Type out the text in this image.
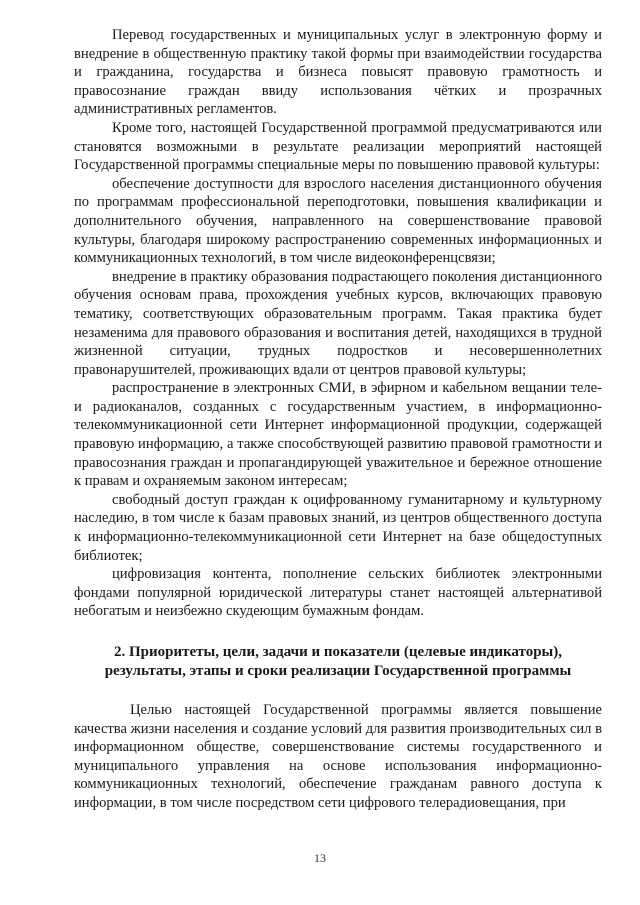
Перевод государственных и муниципальных услуг в электронную форму и внедрение в общественную практику такой формы при взаимодействии государства и гражданина, государства и бизнеса повысят правовую грамотность и правосознание граждан ввиду использования чётких и прозрачных административных регламентов.

Кроме того, настоящей Государственной программой предусматриваются или становятся возможными в результате реализации мероприятий настоящей Государственной программы специальные меры по повышению правовой культуры:

обеспечение доступности для взрослого населения дистанционного обучения по программам профессиональной переподготовки, повышения квалификации и дополнительного обучения, направленного на совершенствование правовой культуры, благодаря широкому распространению современных информационных и коммуникационных технологий, в том числе видеоконференцсвязи;

внедрение в практику образования подрастающего поколения дистанционного обучения основам права, прохождения учебных курсов, включающих правовую тематику, соответствующих образовательным программ. Такая практика будет незаменима для правового образования и воспитания детей, находящихся в трудной жизненной ситуации, трудных подростков и несовершеннолетних правонарушителей, проживающих вдали от центров правовой культуры;

распространение в электронных СМИ, в эфирном и кабельном вещании теле- и радиоканалов, созданных с государственным участием, в информационно-телекоммуникационной сети Интернет информационной продукции, содержащей правовую информацию, а также способствующей развитию правовой грамотности и правосознания граждан и пропагандирующей уважительное и бережное отношение к правам и охраняемым законом интересам;

свободный доступ граждан к оцифрованному гуманитарному и культурному наследию, в том числе к базам правовых знаний, из центров общественного доступа к информационно-телекоммуникационной сети Интернет на базе общедоступных библиотек;

цифровизация контента, пополнение сельских библиотек электронными фондами популярной юридической литературы станет настоящей альтернативой небогатым и неизбежно скудеющим бумажным фондам.

2. Приоритеты, цели, задачи и показатели (целевые индикаторы),
результаты, этапы и сроки реализации Государственной программы

Целью настоящей Государственной программы является повышение качества жизни населения и создание условий для развития производительных сил в информационном обществе, совершенствование системы государственного и муниципального управления на основе использования информационно-коммуникационных технологий, обеспечение гражданам равного доступа к информации, в том числе посредством сети цифрового телерадиовещания, при

13
